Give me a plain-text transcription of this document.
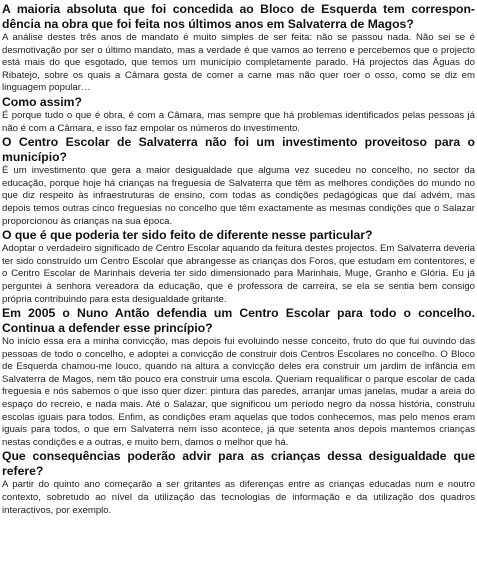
A maioria absoluta que foi concedida ao Bloco de Esquerda tem correspon-dência na obra que foi feita nos últimos anos em Salvaterra de Magos?

A análise destes três anos de mandato é muito simples de ser feita: não se passou nada. Não sei se é desmotivação por ser o último mandato, mas a verdade é que vamos ao terreno e percebemos que o projecto está mais do que esgotado, que temos um município completamente parado. Há projectos das Águas do Ribatejo, sobre os quais a Câmara gosta de comer a carne mas não quer roer o osso, como se diz em linguagem popular…

Como assim?

É porque tudo o que é obra, é com a Câmara, mas sempre que há problemas identificados pelas pessoas já não é com a Câmara, e isso faz empolar os números do investimento.

O Centro Escolar de Salvaterra não foi um investimento proveitoso para o município?

É um investimento que gera a maior desigualdade que alguma vez sucedeu no concelho, no sector da educação, porque hoje há crianças na freguesia de Salvaterra que têm as melhores condições do mundo no que diz respeito às infraestruturas de ensino, com todas as condições pedagógicas que daí advém, mas depois temos outras cinco freguesias no concelho que têm exactamente as mesmas condições que o Salazar proporcionou às crianças na sua época.

O que é que poderia ter sido feito de diferente nesse particular?

Adoptar o verdadeiro significado de Centro Escolar aquando da feitura destes projectos. Em Salvaterra deveria ter sido construído um Centro Escolar que abrangesse as crianças dos Foros, que estudam em contentores, e o Centro Escolar de Marinhais deveria ter sido dimensionado para Marinhais, Muge, Granho e Glória. Eu já perguntei à senhora vereadora da educação, que é professora de carreira, se ela se sentia bem consigo própria contribuindo para esta desigualdade gritante.

Em 2005 o Nuno Antão defendia um Centro Escolar para todo o concelho. Continua a defender esse princípio?

No início essa era a minha convicção, mas depois fui evoluindo nesse conceito, fruto do que fui ouvindo das pessoas de todo o concelho, e adoptei a convicção de construir dois Centros Escolares no concelho. O Bloco de Esquerda chamou-me louco, quando na altura a convicção deles era construir um jardim de infância em Salvaterra de Magos, nem tão pouco era construir uma escola. Queriam requalificar o parque escolar de cada freguesia e nós sabemos o que isso quer dizer: pintura das paredes, arranjar umas janelas, mudar a areia do espaço do recreio, e nada mais. Até o Salazar, que significou um período negro da nossa história, construiu escolas iguais para todos. Enfim, as condições eram aquelas que todos conhecemos, mas pelo menos eram iguais para todos, o que em Salvaterra nem isso acontece, já que setenta anos depois mantemos crianças nestas condições e a outras, e muito bem, damos o melhor que há.

Que consequências poderão advir para as crianças dessa desigualdade que refere?

A partir do quinto ano começarão a ser gritantes as diferenças entre as crianças educadas num e noutro contexto, sobretudo ao nível da utilização das tecnologias de informação e da utilização dos quadros interactivos, por exemplo.
